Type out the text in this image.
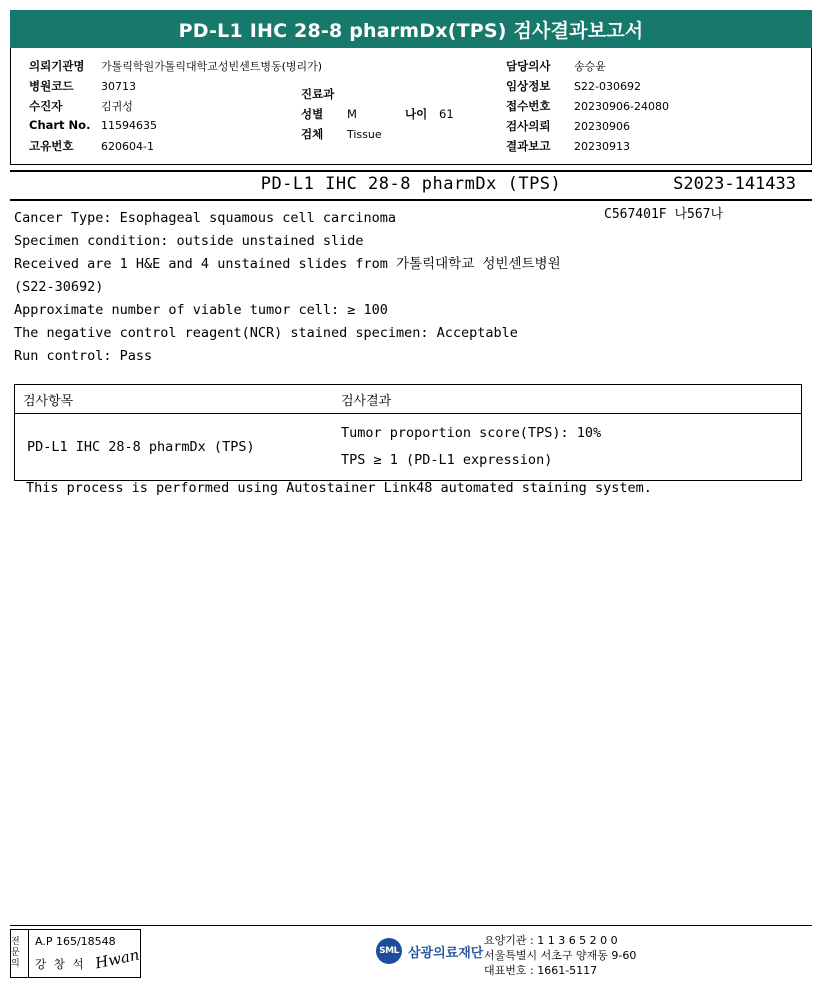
PD-L1 IHC 28-8 pharmDx(TPS) 검사결과보고서
의뢰기관명	가톨릭학원가톨릭대학교성빈센트병동(병리가)
병원코드	30713
수진자	김귀성
Chart No. 11594635
고유번호	620604-1
진료과
성별	M	나이	61
검체	Tissue
담당의사	송승윤
임상정보	S22-030692
접수번호	20230906-24080
검사의뢰	20230906
결과보고	20230913
PD-L1 IHC 28-8 pharmDx (TPS)	S2023-141433
C567401F 나567나
Cancer Type: Esophageal squamous cell carcinoma
Specimen condition: outside unstained slide
Received are 1 H&E and 4 unstained slides from 가톨릭대학교 성빈센트병원
(S22-30692)
Approximate number of viable tumor cell: ≥ 100
The negative control reagent(NCR) stained specimen: Acceptable
Run control: Pass
검사항목	검사결과
PD-L1 IHC 28-8 pharmDx (TPS)
Tumor proportion score(TPS): 10%
TPS ≥ 1 (PD-L1 expression)
This process is performed using Autostainer Link48 automated staining system.
전문의
A.P 165/18548
강 창 석 Hwan	SML 삼광의료재단
요양기관 : 1 1 3 6 5 2 0 0
서울특별시 서초구 양재동 9-60
대표번호 : 1661-5117
